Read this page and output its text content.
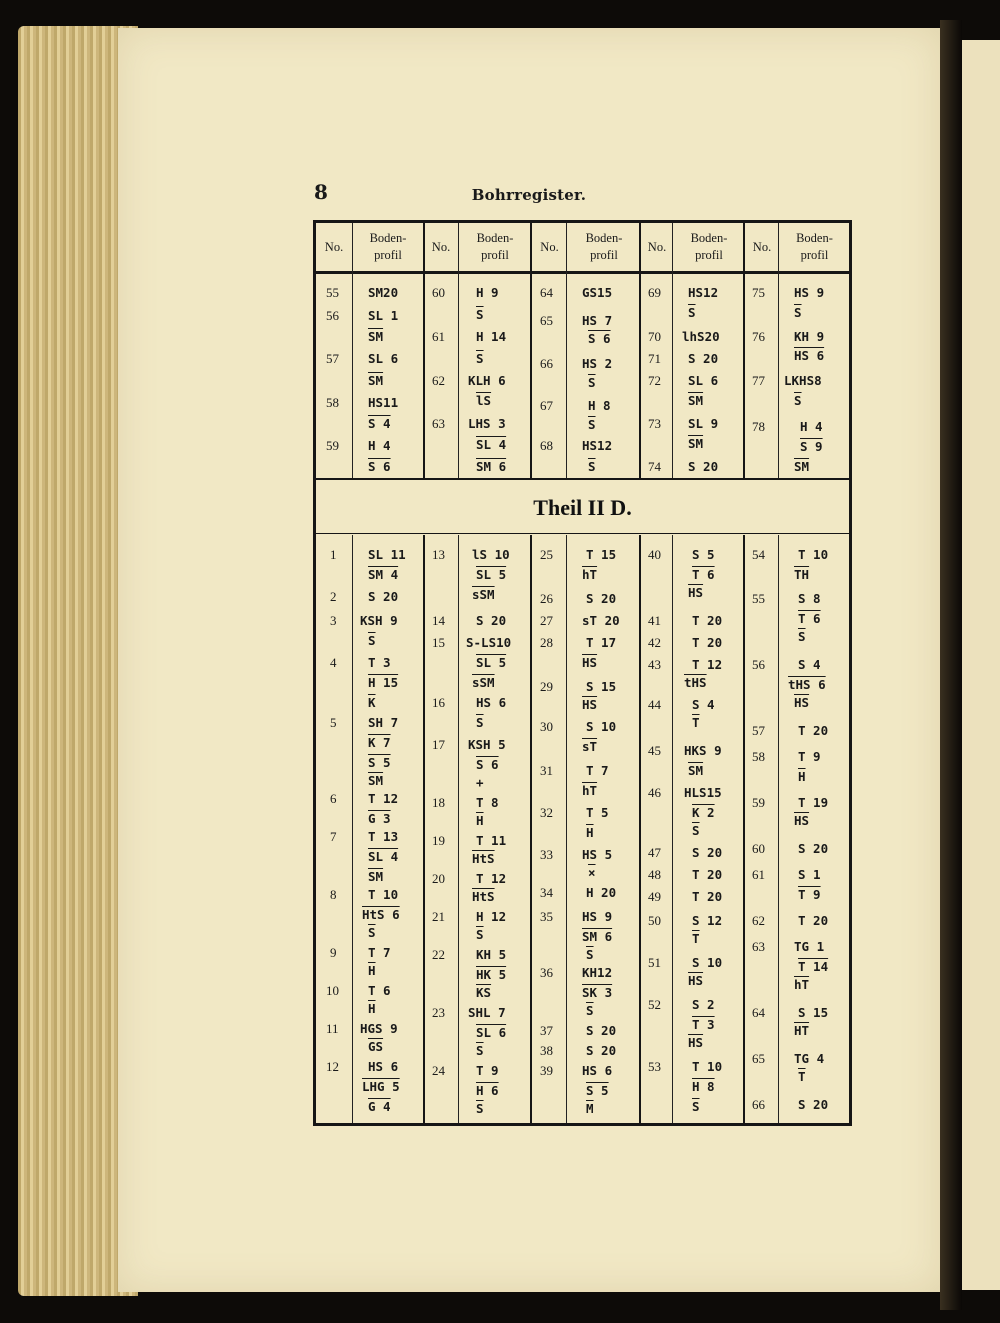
8	Bohrregister.
No.
Boden-
profil
No.
Boden-
profil
No.
Boden-
profil
No.
Boden-
profil
No.
Boden-
profil
Theil II D.
55
56
57
58
59
SM20
SL 1
$\overline{SM}$
SL 6
$\overline{SM}$
HS11
S 4
H 4
S 6
60
61
62
63
H 9
$\overline{S}$
H 14
$\overline{S}$
KLH 6
$\overline{lS}$
LHS 3
SL 4
SM 6
64
65
66
67
68
GS15
HS 7
S 6
HS 2
$\overline{S}$
H 8
$\overline{S}$
HS12
$\overline{S}$
69
70
71
72
73
74
HS12
$\overline{S}$
lhS20
S 20
SL 6
$\overline{SM}$
SL 9
$\overline{SM}$
S 20
75
76
77
78
HS 9
$\overline{S}$
KH 9
HS 6
LKHS8
$\overline{S}$
H 4
S 9
$\overline{SM}$
1
2
3
4
5
6
7
8
9
10
11
12
SL 11
SM 4
S 20
KSH 9
$\overline{S}$
T 3
H 15
$\overline{K}$
SH 7
K 7
S 5
$\overline{SM}$
T 12
G 3
T 13
SL 4
$\overline{SM}$
T 10
HtS 6
$\overline{S}$
T 7
$\overline{H}$
T 6
$\overline{H}$
HGS 9
$\overline{GS}$
HS 6
LHG 5
G 4
13
14
15
16
17
18
19
20
21
22
23
24
lS 10
SL 5
$\overline{sSM}$
S 20
S-LS10
SL 5
$\overline{sSM}$
HS 6
$\overline{S}$
KSH 5
S 6
+
T 8
$\overline{H}$
T 11
$\overline{HtS}$
T 12
$\overline{HtS}$
H 12
$\overline{S}$
KH 5
HK 5
$\overline{KS}$
SHL 7
SL 6
$\overline{S}$
T 9
H 6
$\overline{S}$
25
26
27
28
29
30
31
32
33
34
35
36
37
38
39
T 15
$\overline{hT}$
S 20
sT 20
T 17
$\overline{HS}$
S 15
$\overline{HS}$
S 10
$\overline{sT}$
T 7
$\overline{hT}$
T 5
$\overline{H}$
HS 5
×
H 20
HS 9
SM 6
$\overline{S}$
KH12
SK 3
$\overline{S}$
S 20
S 20
HS 6
S 5
$\overline{M}$
40
41
42
43
44
45
46
47
48
49
50
51
52
53
S 5
T 6
$\overline{HS}$
T 20
T 20
T 12
$\overline{tHS}$
S 4
$\overline{T}$
HKS 9
$\overline{SM}$
HLS15
K 2
$\overline{S}$
S 20
T 20
T 20
S 12
$\overline{T}$
S 10
$\overline{HS}$
S 2
T 3
$\overline{HS}$
T 10
H 8
$\overline{S}$
54
55
56
57
58
59
60
61
62
63
64
65
66
T 10
$\overline{TH}$
S 8
T 6
$\overline{S}$
S 4
tHS 6
$\overline{HS}$
T 20
T 9
$\overline{H}$
T 19
$\overline{HS}$
S 20
S 1
T 9
T 20
TG 1
T 14
$\overline{hT}$
S 15
$\overline{HT}$
TG 4
$\overline{T}$
S 20
